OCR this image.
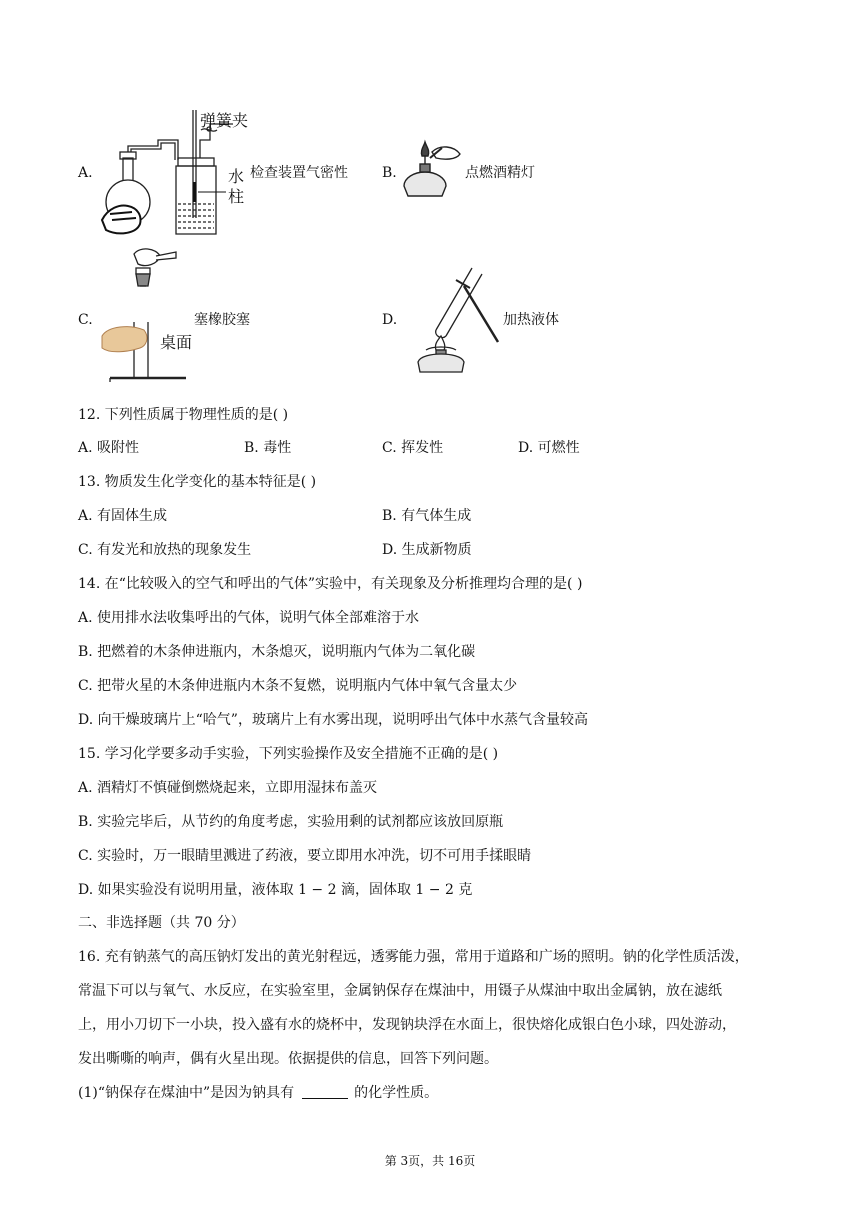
A.
弹簧夹
水
柱
检查装置气密性 B.	点燃酒精灯
C.
桌面
塞橡胶塞	D.	加热液体
12. 下列性质属于物理性质的是( )
A. 吸附性	B. 毒性	C. 挥发性	D. 可燃性
13. 物质发生化学变化的基本特征是( )
A. 有固体生成	B. 有气体生成
C. 有发光和放热的现象发生	D. 生成新物质
14. 在“比较吸入的空气和呼出的气体”实验中，有关现象及分析推理均合理的是( )
A. 使用排水法收集呼出的气体，说明气体全部难溶于水
B. 把燃着的木条伸进瓶内，木条熄灭，说明瓶内气体为二氧化碳
C. 把带火星的木条伸进瓶内木条不复燃，说明瓶内气体中氧气含量太少
D. 向干燥玻璃片上“哈气”，玻璃片上有水雾出现，说明呼出气体中水蒸气含量较高
15. 学习化学要多动手实验，下列实验操作及安全措施不正确的是( )
A. 酒精灯不慎碰倒燃烧起来，立即用湿抹布盖灭
B. 实验完毕后，从节约的角度考虑，实验用剩的试剂都应该放回原瓶
C. 实验时，万一眼睛里溅进了药液，要立即用水冲洗，切不可用手揉眼睛
D. 如果实验没有说明用量，液体取 1 − 2 滴，固体取 1 − 2 克
二、非选择题（共 70 分）
16. 充有钠蒸气的高压钠灯发出的黄光射程远，透雾能力强，常用于道路和广场的照明。钠的化学性质活泼，
常温下可以与氧气、水反应，在实验室里，金属钠保存在煤油中，用镊子从煤油中取出金属钠，放在滤纸
上，用小刀切下一小块，投入盛有水的烧杯中，发现钠块浮在水面上，很快熔化成银白色小球，四处游动，
发出嘶嘶的响声，偶有火星出现。依据提供的信息，回答下列问题。
(1)“钠保存在煤油中”是因为钠具有	的化学性质。
第 3页，共 16页
